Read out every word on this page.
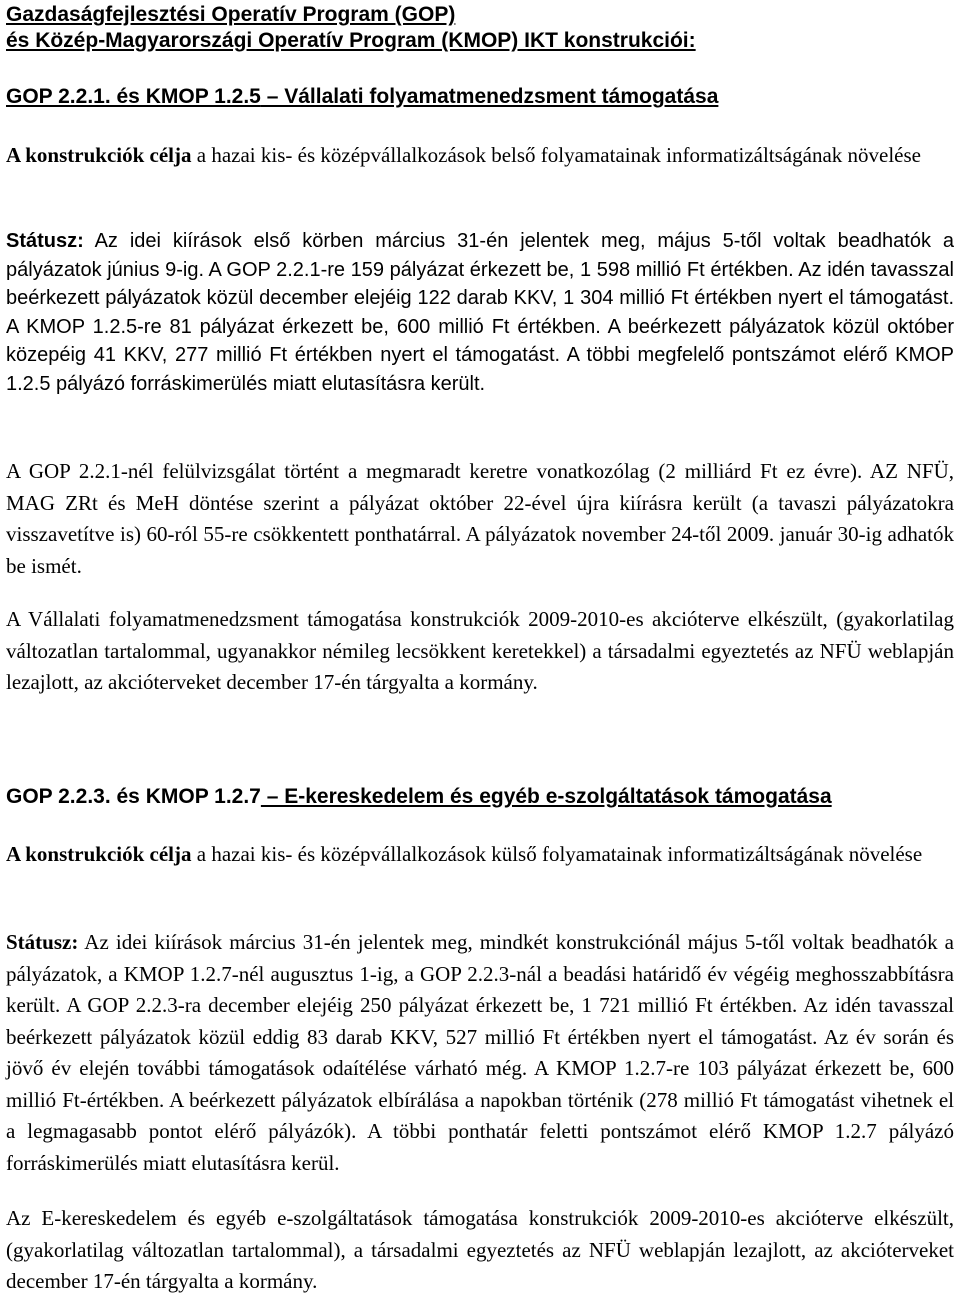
Gazdaságfejlesztési Operatív Program (GOP)
és Közép-Magyarországi Operatív Program (KMOP) IKT konstrukciói:
GOP 2.2.1. és KMOP 1.2.5 – Vállalati folyamatmenedzsment támogatása

A konstrukciók célja a hazai kis- és középvállalkozások belső folyamatainak informatizáltságának növelése

Státusz: Az idei kiírások első körben március 31-én jelentek meg, május 5-től voltak beadhatók a pályázatok június 9-ig. A GOP 2.2.1-re 159 pályázat érkezett be, 1 598 millió Ft értékben. Az idén tavasszal beérkezett pályázatok közül december elejéig 122 darab KKV, 1 304 millió Ft értékben nyert el támogatást. A KMOP 1.2.5-re 81 pályázat érkezett be, 600 millió Ft értékben. A beérkezett pályázatok közül október közepéig 41 KKV, 277 millió Ft értékben nyert el támogatást. A többi megfelelő pontszámot elérő KMOP 1.2.5 pályázó forráskimerülés miatt elutasításra került.

A GOP 2.2.1-nél felülvizsgálat történt a megmaradt keretre vonatkozólag (2 milliárd Ft ez évre). AZ NFÜ, MAG ZRt és MeH döntése szerint a pályázat október 22-ével újra kiírásra került (a tavaszi pályázatokra visszavetítve is) 60-ról 55-re csökkentett ponthatárral. A pályázatok november 24-től 2009. január 30-ig adhatók be ismét.

A Vállalati folyamatmenedzsment támogatása konstrukciók 2009-2010-es akcióterve elkészült, (gyakorlatilag változatlan tartalommal, ugyanakkor némileg lecsökkent keretekkel) a társadalmi egyeztetés az NFÜ weblapján lezajlott, az akcióterveket december 17-én tárgyalta a kormány.

GOP 2.2.3. és KMOP 1.2.7 – E-kereskedelem és egyéb e-szolgáltatások támogatása

A konstrukciók célja a hazai kis- és középvállalkozások külső folyamatainak informatizáltságának növelése

Státusz: Az idei kiírások március 31-én jelentek meg, mindkét konstrukciónál május 5-től voltak beadhatók a pályázatok, a KMOP 1.2.7-nél augusztus 1-ig, a GOP 2.2.3-nál a beadási határidő év végéig meghosszabbításra került. A GOP 2.2.3-ra december elejéig 250 pályázat érkezett be, 1 721 millió Ft értékben. Az idén tavasszal beérkezett pályázatok közül eddig 83 darab KKV, 527 millió Ft értékben nyert el támogatást. Az év során és jövő év elején további támogatások odaítélése várható még. A KMOP 1.2.7-re 103 pályázat érkezett be, 600 millió Ft-értékben. A beérkezett pályázatok elbírálása a napokban történik (278 millió Ft támogatást vihetnek el a legmagasabb pontot elérő pályázók). A többi ponthatár feletti pontszámot elérő KMOP 1.2.7 pályázó forráskimerülés miatt elutasításra kerül.

Az E-kereskedelem és egyéb e-szolgáltatások támogatása konstrukciók 2009-2010-es akcióterve elkészült, (gyakorlatilag változatlan tartalommal), a társadalmi egyeztetés az NFÜ weblapján lezajlott, az akcióterveket december 17-én tárgyalta a kormány.
